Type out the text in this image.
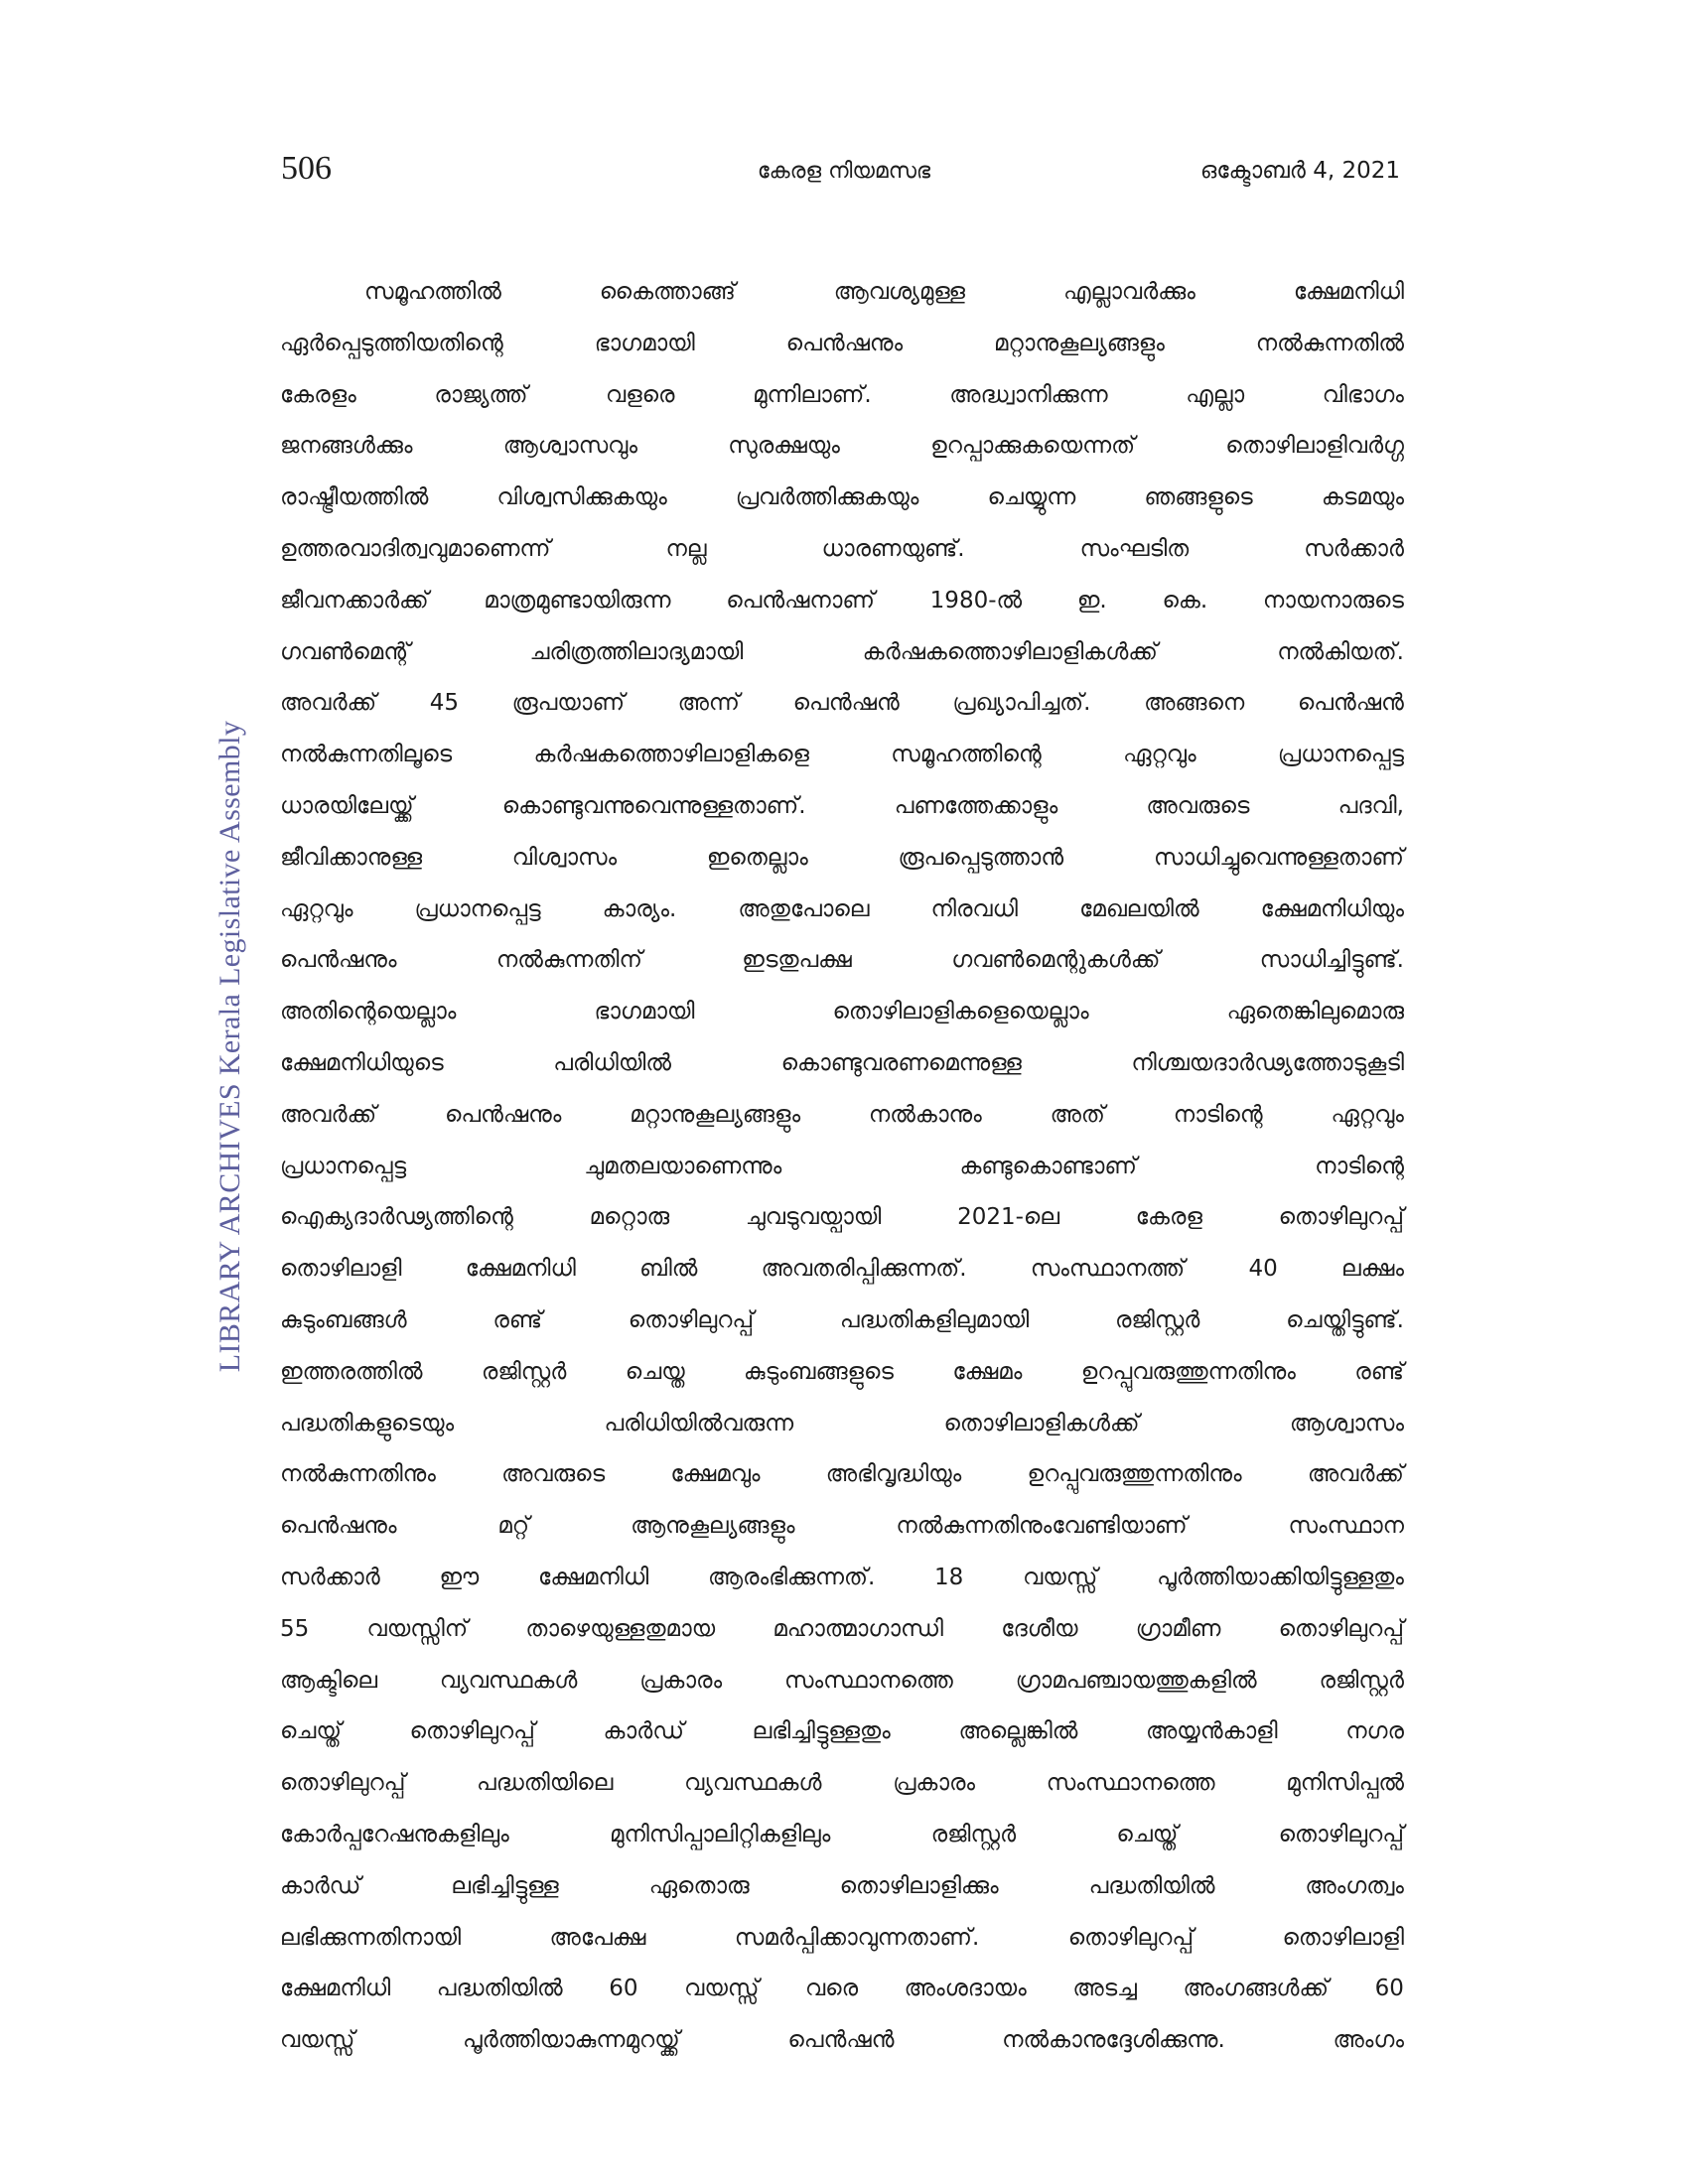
506	കേരള നിയമസഭ	ഒക്ടോബർ 4, 2021
LIBRARY ARCHIVES Kerala Legislative Assembly
സമൂഹത്തിൽ	കൈത്താങ്ങ്	ആവശ്യമുള്ള	എല്ലാവർക്കും	ക്ഷേമനിധി
ഏർപ്പെടുത്തിയതിന്റെ	ഭാഗമായി	പെൻഷനും	മറ്റാനുകൂല്യങ്ങളും	നൽകുന്നതിൽ
കേരളം	രാജ്യത്ത്	വളരെ	മുന്നിലാണ്.	അദ്ധ്വാനിക്കുന്ന	എല്ലാ	വിഭാഗം
ജനങ്ങൾക്കും	ആശ്വാസവും	സുരക്ഷയും	ഉറപ്പാക്കുകയെന്നത്	തൊഴിലാളിവർഗ്ഗ
രാഷ്ട്രീയത്തിൽ	വിശ്വസിക്കുകയും	പ്രവർത്തിക്കുകയും	ചെയ്യുന്ന	ഞങ്ങളുടെ	കടമയും
ഉത്തരവാദിത്വവുമാണെന്ന്	നല്ല	ധാരണയുണ്ട്.	സംഘടിത	സർക്കാർ
ജീവനക്കാർക്ക് മാത്രമുണ്ടായിരുന്ന പെൻഷനാണ് 1980-ൽ ഇ. കെ. നായനാരുടെ
ഗവൺമെന്റ്	ചരിത്രത്തിലാദ്യമായി	കർഷകത്തൊഴിലാളികൾക്ക്	നൽകിയത്.
അവർക്ക് 45 രൂപയാണ് അന്ന് പെൻഷൻ പ്രഖ്യാപിച്ചത്. അങ്ങനെ പെൻഷൻ
നൽകുന്നതിലൂടെ	കർഷകത്തൊഴിലാളികളെ	സമൂഹത്തിന്റെ	ഏറ്റവും	പ്രധാനപ്പെട്ട
ധാരയിലേയ്ക്ക്	കൊണ്ടുവന്നുവെന്നുള്ളതാണ്.	പണത്തേക്കാളും	അവരുടെ	പദവി,
ജീവിക്കാനുള്ള	വിശ്വാസം	ഇതെല്ലാം	രൂപപ്പെടുത്താൻ	സാധിച്ചുവെന്നുള്ളതാണ്
ഏറ്റവും	പ്രധാനപ്പെട്ട	കാര്യം.	അതുപോലെ	നിരവധി	മേഖലയിൽ	ക്ഷേമനിധിയും
പെൻഷനും	നൽകുന്നതിന്	ഇടതുപക്ഷ	ഗവൺമെന്റുകൾക്ക്	സാധിച്ചിട്ടുണ്ട്.
അതിന്റെയെല്ലാം	ഭാഗമായി	തൊഴിലാളികളെയെല്ലാം	ഏതെങ്കിലുമൊരു
ക്ഷേമനിധിയുടെ	പരിധിയിൽ	കൊണ്ടുവരണമെന്നുള്ള	നിശ്ചയദാർഢ്യത്തോടുകൂടി
അവർക്ക്	പെൻഷനും	മറ്റാനുകൂല്യങ്ങളും	നൽകാനും	അത്	നാടിന്റെ	ഏറ്റവും
പ്രധാനപ്പെട്ട	ചുമതലയാണെന്നും	കണ്ടുകൊണ്ടാണ്	നാടിന്റെ
ഐക്യദാർഢ്യത്തിന്റെ	മറ്റൊരു	ചുവടുവയ്പായി	2021-ലെ	കേരള	തൊഴിലുറപ്പ്
തൊഴിലാളി	ക്ഷേമനിധി	ബിൽ	അവതരിപ്പിക്കുന്നത്.	സംസ്ഥാനത്ത്	40	ലക്ഷം
കുടുംബങ്ങൾ	രണ്ട്	തൊഴിലുറപ്പ്	പദ്ധതികളിലുമായി	രജിസ്റ്റർ	ചെയ്തിട്ടുണ്ട്.
ഇത്തരത്തിൽ	രജിസ്റ്റർ	ചെയ്ത	കുടുംബങ്ങളുടെ	ക്ഷേമം	ഉറപ്പുവരുത്തുന്നതിനും	രണ്ട്
പദ്ധതികളുടെയും	പരിധിയിൽവരുന്ന	തൊഴിലാളികൾക്ക്	ആശ്വാസം
നൽകുന്നതിനും	അവരുടെ	ക്ഷേമവും	അഭിവൃദ്ധിയും	ഉറപ്പുവരുത്തുന്നതിനും	അവർക്ക്
പെൻഷനും	മറ്റ്	ആനുകൂല്യങ്ങളും	നൽകുന്നതിനുംവേണ്ടിയാണ്	സംസ്ഥാന
സർക്കാർ	ഈ	ക്ഷേമനിധി	ആരംഭിക്കുന്നത്.	18	വയസ്സ്	പൂർത്തിയാക്കിയിട്ടുള്ളതും
55	വയസ്സിന്	താഴെയുള്ളതുമായ	മഹാത്മാഗാന്ധി	ദേശീയ	ഗ്രാമീണ	തൊഴിലുറപ്പ്
ആക്ടിലെ	വ്യവസ്ഥകൾ	പ്രകാരം	സംസ്ഥാനത്തെ	ഗ്രാമപഞ്ചായത്തുകളിൽ	രജിസ്റ്റർ
ചെയ്ത്	തൊഴിലുറപ്പ്	കാർഡ്	ലഭിച്ചിട്ടുള്ളതും	അല്ലെങ്കിൽ	അയ്യൻകാളി	നഗര
തൊഴിലുറപ്പ്	പദ്ധതിയിലെ	വ്യവസ്ഥകൾ	പ്രകാരം	സംസ്ഥാനത്തെ	മുനിസിപ്പൽ
കോർപ്പറേഷനുകളിലും	മുനിസിപ്പാലിറ്റികളിലും	രജിസ്റ്റർ	ചെയ്ത്	തൊഴിലുറപ്പ്
കാർഡ്	ലഭിച്ചിട്ടുള്ള	ഏതൊരു	തൊഴിലാളിക്കും	പദ്ധതിയിൽ	അംഗത്വം
ലഭിക്കുന്നതിനായി	അപേക്ഷ	സമർപ്പിക്കാവുന്നതാണ്.	തൊഴിലുറപ്പ്	തൊഴിലാളി
ക്ഷേമനിധി പദ്ധതിയിൽ 60 വയസ്സ് വരെ അംശദായം അടച്ച അംഗങ്ങൾക്ക് 60
വയസ്സ്	പൂർത്തിയാകുന്നമുറയ്ക്ക്	പെൻഷൻ	നൽകാനുദ്ദേശിക്കുന്നു.	അംഗം
